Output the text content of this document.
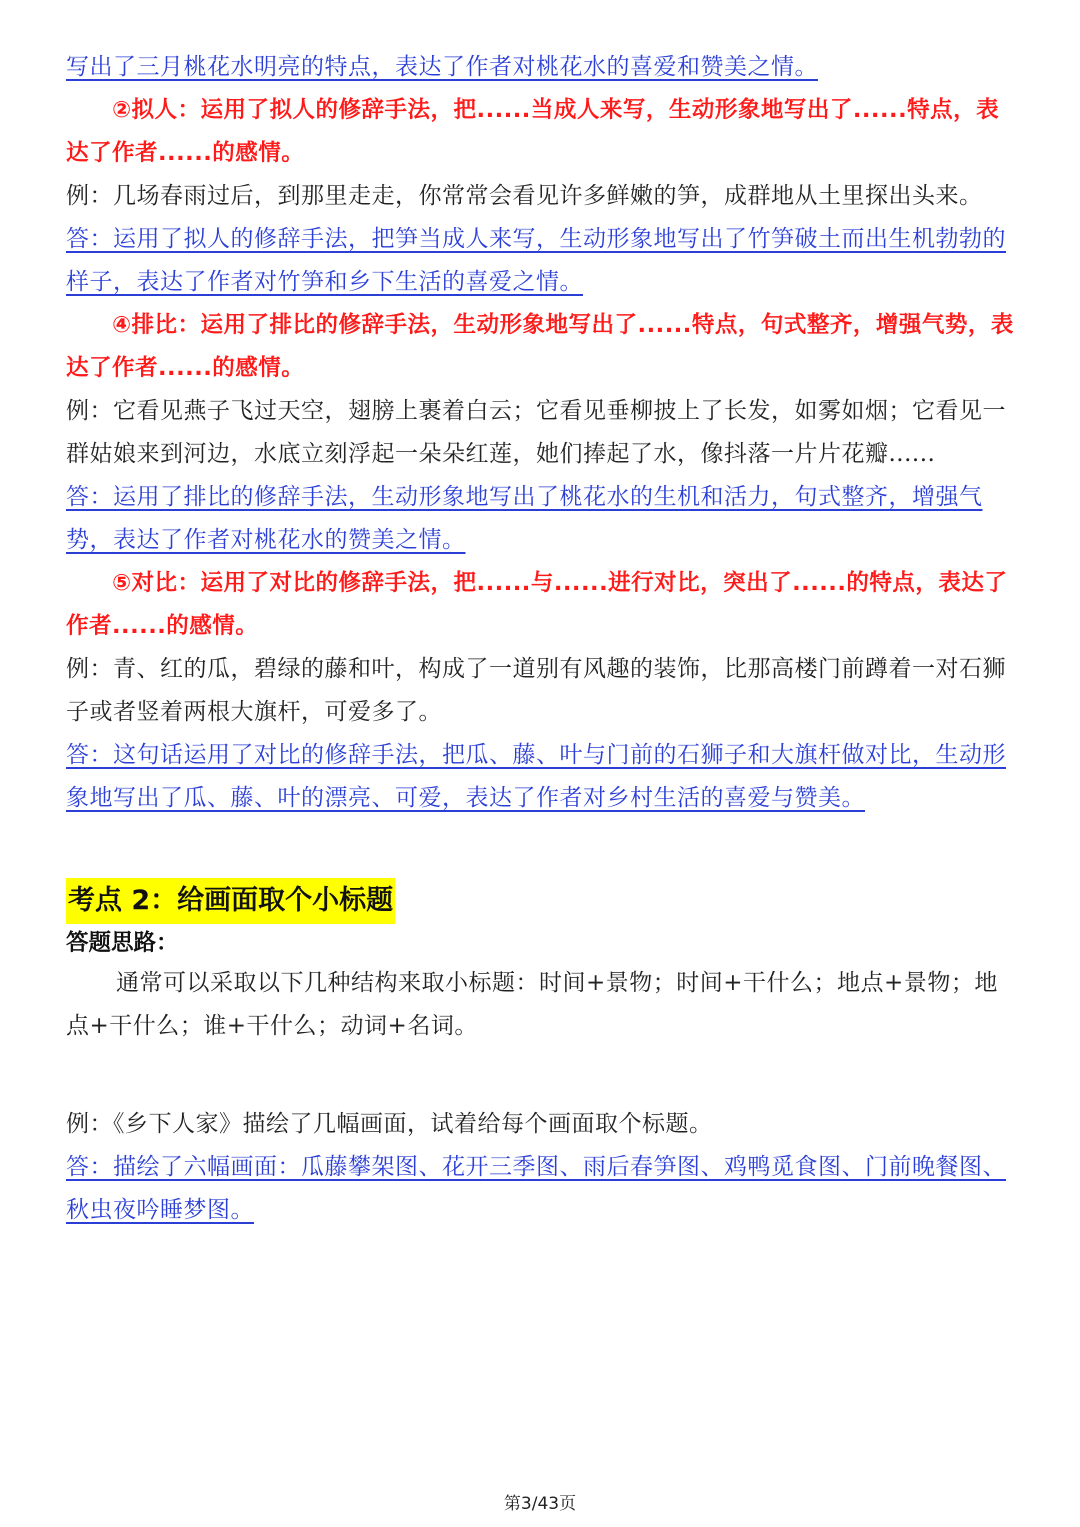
写出了三月桃花水明亮的特点，表达了作者对桃花水的喜爱和赞美之情。
②拟人：运用了拟人的修辞手法，把......当成人来写，生动形象地写出了......特点，表达了作者......的感情。
例：几场春雨过后，到那里走走，你常常会看见许多鲜嫩的笋，成群地从土里探出头来。
答：运用了拟人的修辞手法，把笋当成人来写，生动形象地写出了竹笋破土而出生机勃勃的样子，表达了作者对竹笋和乡下生活的喜爱之情。
④排比：运用了排比的修辞手法，生动形象地写出了......特点，句式整齐，增强气势，表达了作者......的感情。
例：它看见燕子飞过天空，翅膀上裹着白云；它看见垂柳披上了长发，如雾如烟；它看见一群姑娘来到河边，水底立刻浮起一朵朵红莲，她们捧起了水，像抖落一片片花瓣......
答：运用了排比的修辞手法，生动形象地写出了桃花水的生机和活力，句式整齐，增强气势，表达了作者对桃花水的赞美之情。
⑤对比：运用了对比的修辞手法，把......与......进行对比，突出了......的特点，表达了作者......的感情。
例：青、红的瓜，碧绿的藤和叶，构成了一道别有风趣的装饰，比那高楼门前蹲着一对石狮子或者竖着两根大旗杆，可爱多了。
答：这句话运用了对比的修辞手法，把瓜、藤、叶与门前的石狮子和大旗杆做对比，生动形象地写出了瓜、藤、叶的漂亮、可爱，表达了作者对乡村生活的喜爱与赞美。
考点 2：给画面取个小标题
答题思路：
通常可以采取以下几种结构来取小标题：时间+景物；时间+干什么；地点+景物；地点+干什么；谁+干什么；动词+名词。
例：《乡下人家》描绘了几幅画面，试着给每个画面取个标题。
答：描绘了六幅画面：瓜藤攀架图、花开三季图、雨后春笋图、鸡鸭觅食图、门前晚餐图、秋虫夜吟睡梦图。
第3/43页
